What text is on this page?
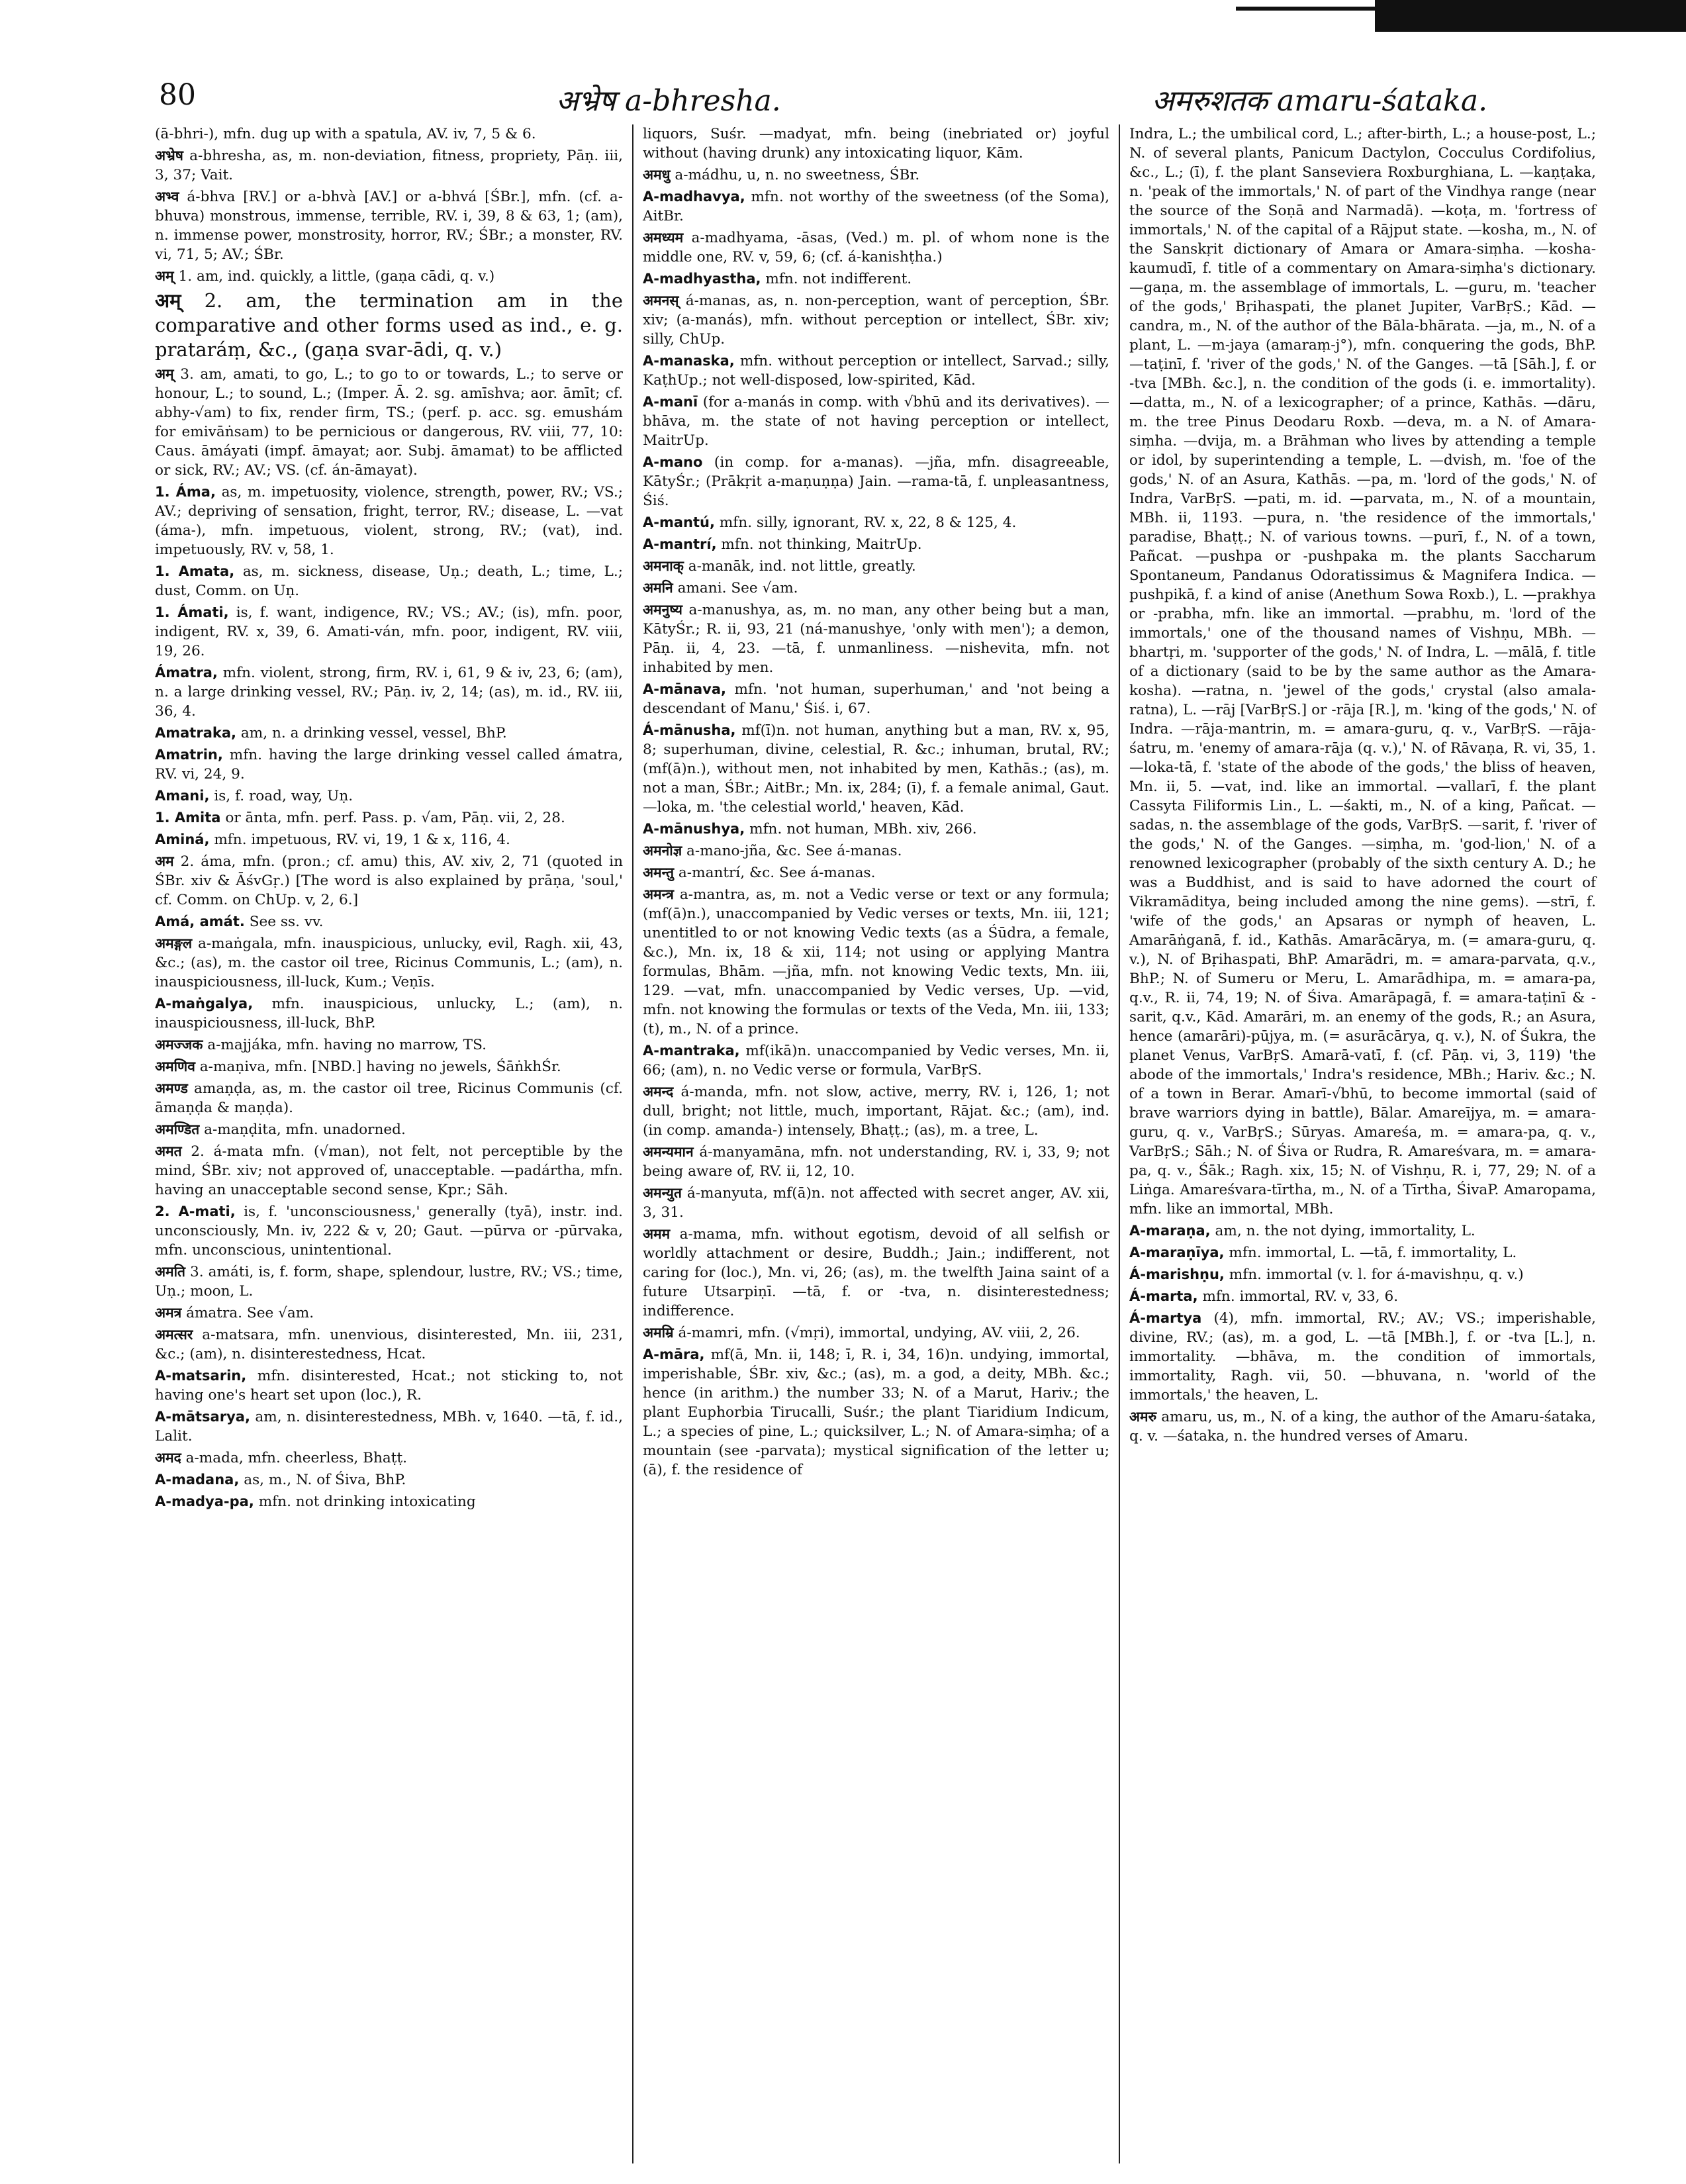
80	अभ्रेष a-bhresha.	अमरुशतक amaru-śataka.

(ā-bhri-), mfn. dug up with a spatula, AV. iv, 7, 5 & 6.

अभ्रेष a-bhresha, as, m. non-deviation, fitness, propriety, Pāṇ. iii, 3, 37; Vait.

अभ्व á-bhva [RV.] or a-bhvà [AV.] or a-bhvá [ŚBr.], mfn. (cf. a-bhuva) monstrous, immense, terrible, RV. i, 39, 8 & 63, 1; (am), n. immense power, monstrosity, horror, RV.; ŚBr.; a monster, RV. vi, 71, 5; AV.; ŚBr.

अम् 1. am, ind. quickly, a little, (gaṇa cādi, q. v.)

अम् 2. am, the termination am in the comparative and other forms used as ind., e. g. prataráṃ, &c., (gaṇa svar-ādi, q. v.)

अम् 3. am, amati, to go, L.; to go to or towards, L.; to serve or honour, L.; to sound, L.; (Imper. Ā. 2. sg. amīshva; aor. āmīt; cf. abhy-√am) to fix, render firm, TS.; (perf. p. acc. sg. emushám for emivāṅsam) to be pernicious or dangerous, RV. viii, 77, 10: Caus. āmáyati (impf. āmayat; aor. Subj. āmamat) to be afflicted or sick, RV.; AV.; VS. (cf. án-āmayat).

1. Áma, as, m. impetuosity, violence, strength, power, RV.; VS.; AV.; depriving of sensation, fright, terror, RV.; disease, L. —vat (áma-), mfn. impetuous, violent, strong, RV.; (vat), ind. impetuously, RV. v, 58, 1.

1. Amata, as, m. sickness, disease, Uṇ.; death, L.; time, L.; dust, Comm. on Uṇ.

1. Ámati, is, f. want, indigence, RV.; VS.; AV.; (is), mfn. poor, indigent, RV. x, 39, 6. Amati-ván, mfn. poor, indigent, RV. viii, 19, 26.

Ámatra, mfn. violent, strong, firm, RV. i, 61, 9 & iv, 23, 6; (am), n. a large drinking vessel, RV.; Pāṇ. iv, 2, 14; (as), m. id., RV. iii, 36, 4.

Amatraka, am, n. a drinking vessel, vessel, BhP.

Amatrin, mfn. having the large drinking vessel called ámatra, RV. vi, 24, 9.

Amani, is, f. road, way, Uṇ.

1. Amita or ānta, mfn. perf. Pass. p. √am, Pāṇ. vii, 2, 28.

Aminá, mfn. impetuous, RV. vi, 19, 1 & x, 116, 4.

अम 2. áma, mfn. (pron.; cf. amu) this, AV. xiv, 2, 71 (quoted in ŚBr. xiv & ĀśvGṛ.) [The word is also explained by prāṇa, 'soul,' cf. Comm. on ChUp. v, 2, 6.]

Amá, amát. See ss. vv.

अमङ्गल a-maṅgala, mfn. inauspicious, unlucky, evil, Ragh. xii, 43, &c.; (as), m. the castor oil tree, Ricinus Communis, L.; (am), n. inauspiciousness, ill-luck, Kum.; Veṇīs.

A-maṅgalya, mfn. inauspicious, unlucky, L.; (am), n. inauspiciousness, ill-luck, BhP.

अमज्जक a-majjáka, mfn. having no marrow, TS.

अमणिव a-maṇiva, mfn. [NBD.] having no jewels, ŚāṅkhŚr.

अमण्ड amaṇḍa, as, m. the castor oil tree, Ricinus Communis (cf. āmaṇḍa & maṇḍa).

अमण्डित a-maṇḍita, mfn. unadorned.

अमत 2. á-mata mfn. (√man), not felt, not perceptible by the mind, ŚBr. xiv; not approved of, unacceptable. —padártha, mfn. having an unacceptable second sense, Kpr.; Sāh.

2. A-mati, is, f. 'unconsciousness,' generally (tyā), instr. ind. unconsciously, Mn. iv, 222 & v, 20; Gaut. —pūrva or -pūrvaka, mfn. unconscious, unintentional.

अमति 3. amáti, is, f. form, shape, splendour, lustre, RV.; VS.; time, Uṇ.; moon, L.

अमत्र ámatra. See √am.

अमत्सर a-matsara, mfn. unenvious, disinterested, Mn. iii, 231, &c.; (am), n. disinterestedness, Hcat.

A-matsarin, mfn. disinterested, Hcat.; not sticking to, not having one's heart set upon (loc.), R.

A-mātsarya, am, n. disinterestedness, MBh. v, 1640. —tā, f. id., Lalit.

अमद a-mada, mfn. cheerless, Bhaṭṭ.

A-madana, as, m., N. of Śiva, BhP.

A-madya-pa, mfn. not drinking intoxicating

liquors, Suśr. —madyat, mfn. being (inebriated or) joyful without (having drunk) any intoxicating liquor, Kām.

अमधु a-mádhu, u, n. no sweetness, ŚBr.

A-madhavya, mfn. not worthy of the sweetness (of the Soma), AitBr.

अमध्यम a-madhyama, -āsas, (Ved.) m. pl. of whom none is the middle one, RV. v, 59, 6; (cf. á-kanishṭha.)

A-madhyastha, mfn. not indifferent.

अमनस् á-manas, as, n. non-perception, want of perception, ŚBr. xiv; (a-manás), mfn. without perception or intellect, ŚBr. xiv; silly, ChUp.

A-manaska, mfn. without perception or intellect, Sarvad.; silly, KaṭhUp.; not well-disposed, low-spirited, Kād.

A-manī (for a-manás in comp. with √bhū and its derivatives). —bhāva, m. the state of not having perception or intellect, MaitrUp.

A-mano (in comp. for a-manas). —jña, mfn. disagreeable, KātyŚr.; (Prākṛit a-maṇuṇṇa) Jain. —rama-tā, f. unpleasantness, Śiś.

A-mantú, mfn. silly, ignorant, RV. x, 22, 8 & 125, 4.

A-mantrí, mfn. not thinking, MaitrUp.

अमनाक् a-manāk, ind. not little, greatly.

अमनि amani. See √am.

अमनुष्य a-manushya, as, m. no man, any other being but a man, KātyŚr.; R. ii, 93, 21 (ná-manushye, 'only with men'); a demon, Pāṇ. ii, 4, 23. —tā, f. unmanliness. —nishevita, mfn. not inhabited by men.

A-mānava, mfn. 'not human, superhuman,' and 'not being a descendant of Manu,' Śiś. i, 67.

Á-mānusha, mf(ī)n. not human, anything but a man, RV. x, 95, 8; superhuman, divine, celestial, R. &c.; inhuman, brutal, RV.; (mf(ā)n.), without men, not inhabited by men, Kathās.; (as), m. not a man, ŚBr.; AitBr.; Mn. ix, 284; (ī), f. a female animal, Gaut. —loka, m. 'the celestial world,' heaven, Kād.

A-mānushya, mfn. not human, MBh. xiv, 266.

अमनोज्ञ a-mano-jña, &c. See á-manas.

अमन्तु a-mantrí, &c. See á-manas.

अमन्त्र a-mantra, as, m. not a Vedic verse or text or any formula; (mf(ā)n.), unaccompanied by Vedic verses or texts, Mn. iii, 121; unentitled to or not knowing Vedic texts (as a Śūdra, a female, &c.), Mn. ix, 18 & xii, 114; not using or applying Mantra formulas, Bhām. —jña, mfn. not knowing Vedic texts, Mn. iii, 129. —vat, mfn. unaccompanied by Vedic verses, Up. —vid, mfn. not knowing the formulas or texts of the Veda, Mn. iii, 133; (t), m., N. of a prince.

A-mantraka, mf(ikā)n. unaccompanied by Vedic verses, Mn. ii, 66; (am), n. no Vedic verse or formula, VarBṛS.

अमन्द á-manda, mfn. not slow, active, merry, RV. i, 126, 1; not dull, bright; not little, much, important, Rājat. &c.; (am), ind. (in comp. amanda-) intensely, Bhaṭṭ.; (as), m. a tree, L.

अमन्यमान á-manyamāna, mfn. not understanding, RV. i, 33, 9; not being aware of, RV. ii, 12, 10.

अमन्युत á-manyuta, mf(ā)n. not affected with secret anger, AV. xii, 3, 31.

अमम a-mama, mfn. without egotism, devoid of all selfish or worldly attachment or desire, Buddh.; Jain.; indifferent, not caring for (loc.), Mn. vi, 26; (as), m. the twelfth Jaina saint of a future Utsarpiṇī. —tā, f. or -tva, n. disinterestedness; indifference.

अमम्रि á-mamri, mfn. (√mṛi), immortal, undying, AV. viii, 2, 26.

A-māra, mf(ā, Mn. ii, 148; ī, R. i, 34, 16)n. undying, immortal, imperishable, ŚBr. xiv, &c.; (as), m. a god, a deity, MBh. &c.; hence (in arithm.) the number 33; N. of a Marut, Hariv.; the plant Euphorbia Tirucalli, Suśr.; the plant Tiaridium Indicum, L.; a species of pine, L.; quicksilver, L.; N. of Amara-siṃha; of a mountain (see -parvata); mystical signification of the letter u; (ā), f. the residence of

Indra, L.; the umbilical cord, L.; after-birth, L.; a house-post, L.; N. of several plants, Panicum Dactylon, Cocculus Cordifolius, &c., L.; (ī), f. the plant Sanseviera Roxburghiana, L. —kaṇṭaka, n. 'peak of the immortals,' N. of part of the Vindhya range (near the source of the Soṇā and Narmadā). —koṭa, m. 'fortress of immortals,' N. of the capital of a Rājput state. —kosha, m., N. of the Sanskṛit dictionary of Amara or Amara-siṃha. —kosha-kaumudī, f. title of a commentary on Amara-siṃha's dictionary. —gaṇa, m. the assemblage of immortals, L. —guru, m. 'teacher of the gods,' Bṛihaspati, the planet Jupiter, VarBṛS.; Kād. —candra, m., N. of the author of the Bāla-bhārata. —ja, m., N. of a plant, L. —m-jaya (amaraṃ-j°), mfn. conquering the gods, BhP. —taṭinī, f. 'river of the gods,' N. of the Ganges. —tā [Sāh.], f. or -tva [MBh. &c.], n. the condition of the gods (i. e. immortality). —datta, m., N. of a lexicographer; of a prince, Kathās. —dāru, m. the tree Pinus Deodaru Roxb. —deva, m. a N. of Amara-siṃha. —dvija, m. a Brāhman who lives by attending a temple or idol, by superintending a temple, L. —dvish, m. 'foe of the gods,' N. of an Asura, Kathās. —pa, m. 'lord of the gods,' N. of Indra, VarBṛS. —pati, m. id. —parvata, m., N. of a mountain, MBh. ii, 1193. —pura, n. 'the residence of the immortals,' paradise, Bhaṭṭ.; N. of various towns. —purī, f., N. of a town, Pañcat. —pushpa or -pushpaka m. the plants Saccharum Spontaneum, Pandanus Odoratissimus & Magnifera Indica. —pushpikā, f. a kind of anise (Anethum Sowa Roxb.), L. —prakhya or -prabha, mfn. like an immortal. —prabhu, m. 'lord of the immortals,' one of the thousand names of Vishṇu, MBh. —bhartṛi, m. 'supporter of the gods,' N. of Indra, L. —mālā, f. title of a dictionary (said to be by the same author as the Amara-kosha). —ratna, n. 'jewel of the gods,' crystal (also amala-ratna), L. —rāj [VarBṛS.] or -rāja [R.], m. 'king of the gods,' N. of Indra. —rāja-mantrin, m. = amara-guru, q. v., VarBṛS. —rāja-śatru, m. 'enemy of amara-rāja (q. v.),' N. of Rāvaṇa, R. vi, 35, 1. —loka-tā, f. 'state of the abode of the gods,' the bliss of heaven, Mn. ii, 5. —vat, ind. like an immortal. —vallarī, f. the plant Cassyta Filiformis Lin., L. —śakti, m., N. of a king, Pañcat. —sadas, n. the assemblage of the gods, VarBṛS. —sarit, f. 'river of the gods,' N. of the Ganges. —siṃha, m. 'god-lion,' N. of a renowned lexicographer (probably of the sixth century A. D.; he was a Buddhist, and is said to have adorned the court of Vikramāditya, being included among the nine gems). —strī, f. 'wife of the gods,' an Apsaras or nymph of heaven, L. Amarāṅganā, f. id., Kathās. Amarācārya, m. (= amara-guru, q. v.), N. of Bṛihaspati, BhP. Amarādri, m. = amara-parvata, q.v., BhP.; N. of Sumeru or Meru, L. Amarādhipa, m. = amara-pa, q.v., R. ii, 74, 19; N. of Śiva. Amarāpagā, f. = amara-taṭinī & -sarit, q.v., Kād. Amarāri, m. an enemy of the gods, R.; an Asura, hence (amarāri)-pūjya, m. (= asurācārya, q. v.), N. of Śukra, the planet Venus, VarBṛS. Amarā-vatī, f. (cf. Pāṇ. vi, 3, 119) 'the abode of the immortals,' Indra's residence, MBh.; Hariv. &c.; N. of a town in Berar. Amarī-√bhū, to become immortal (said of brave warriors dying in battle), Bālar. Amareījya, m. = amara-guru, q. v., VarBṛS.; Sūryas. Amareśa, m. = amara-pa, q. v., VarBṛS.; Sāh.; N. of Śiva or Rudra, R. Amareśvara, m. = amara-pa, q. v., Śāk.; Ragh. xix, 15; N. of Vishṇu, R. i, 77, 29; N. of a Liṅga. Amareśvara-tīrtha, m., N. of a Tīrtha, ŚivaP. Amaropama, mfn. like an immortal, MBh.

A-maraṇa, am, n. the not dying, immortality, L.

A-maraṇīya, mfn. immortal, L. —tā, f. immortality, L.

Á-marishṇu, mfn. immortal (v. l. for á-mavishṇu, q. v.)

Á-marta, mfn. immortal, RV. v, 33, 6.

Á-martya (4), mfn. immortal, RV.; AV.; VS.; imperishable, divine, RV.; (as), m. a god, L. —tā [MBh.], f. or -tva [L.], n. immortality. —bhāva, m. the condition of immortals, immortality, Ragh. vii, 50. —bhuvana, n. 'world of the immortals,' the heaven, L.

अमरु amaru, us, m., N. of a king, the author of the Amaru-śataka, q. v. —śataka, n. the hundred verses of Amaru.
